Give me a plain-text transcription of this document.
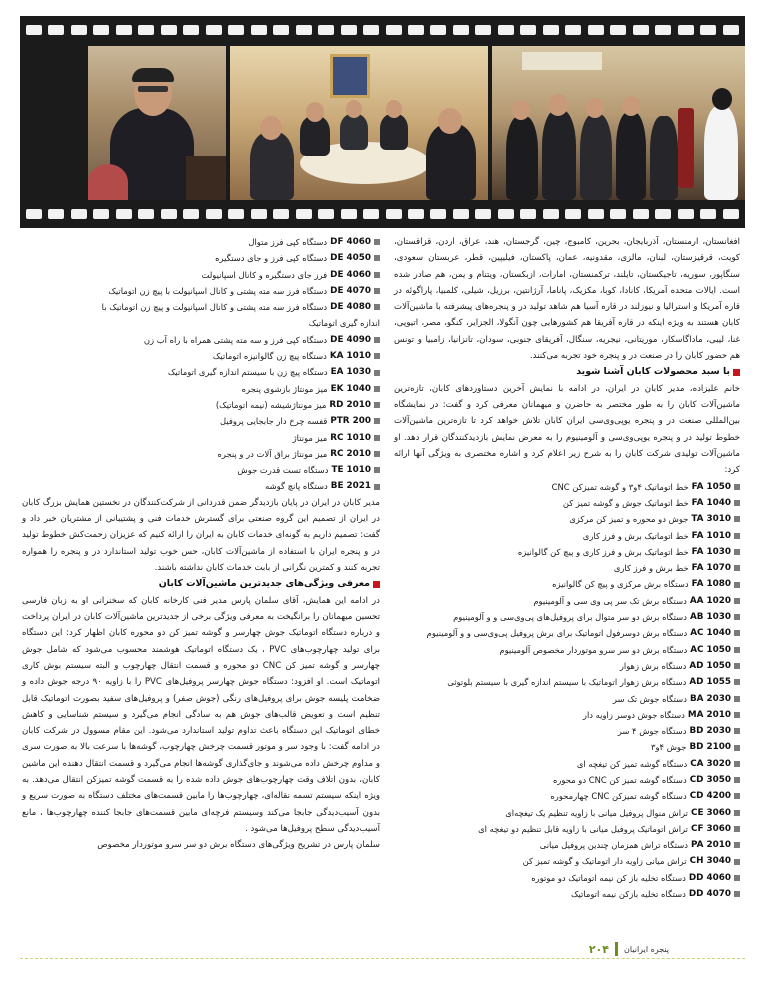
افغانستان، ارمنستان، آذربایجان، بحرین، کامبوج، چین، گرجستان، هند، عراق، اردن، قزاقستان، کویت، قرقیزستان، لبنان، مالزی، مقدونیه، عمان، پاکستان، فیلیپین، قطر، عربستان سعودی، سنگاپور، سوریه، تاجیکستان، تایلند، ترکمنستان، امارات، ازبکستان، ویتنام و یمن، هم صادر شده است. ایالات متحده آمریکا، کانادا، کوبا، مکزیک، پاناما، آرژانتین، برزیل، شیلی، کلمبیا، پاراگوئه در قاره آمریکا و استرالیا و نیوزلند در قاره آسیا هم شاهد تولید در و پنجره‌های پیشرفته با ماشین‌آلات کابان هستند به ویژه اینکه در قاره آفریقا هم کشورهایی چون آنگولا، الجزایر، کنگو، مصر، اتیوپی، غنا، لیبی، ماداگاسکار، موریتانی، نیجریه، سنگال، آفریقای جنوبی، سودان، تانزانیا، زامبیا و تونس هم حضور کابان را در صنعت در و پنجره خود تجربه می‌کنند.

با سبد محصولات کابان آشنا شوید

خانم علیزاده، مدیر کابان در ایران، در ادامه با نمایش آخرین دستاوردهای کابان، تازه‌ترین ماشین‌آلات کابان را به طور مختصر به حاضرن و میهمانان معرفی کرد و گفت: در نمایشگاه بین‌المللی صنعت در و پنجره یوپی‌وی‌سی ایران کابان تلاش خواهد کرد تا تازه‌ترین ماشین‌آلات خطوط تولید در و پنجره یوپی‌وی‌سی و آلومینیوم را به معرض نمایش بازدیدکنندگان قرار دهد. او ماشین‌آلات تولیدی شرکت کابان را به شرح زیر اعلام کرد و اشاره مختصری به ویژگی آنها ارائه کرد:

FA 1050
خط اتوماتیک ۴و۳ و گوشه تمیزکن CNC
FA 1040
خط اتوماتیک جوش و گوشه تمیز کن
TA 3010
جوش دو محوره و تمیز کن مرکزی
FA 1010
خط اتوماتیک برش و فرز کاری
FA 1030
خط اتوماتیک برش و فرز کاری و پیچ کن گالوانیزه
FA 1070
خط برش و فرز کاری
FA 1080
دستگاه برش مرکزی و پیچ کن گالوانیزه
AA 1020
دستگاه برش تک سر پی وی سی و آلومینیوم
AB 1030
دستگاه برش دو سر متوال برای پروفیل‌های پی‌وی‌سی و و آلومینیوم
AC 1040
دستگاه برش دوسرفول اتوماتیک برای برش پروفیل پی‌وی‌سی و و آلومینیوم
AC 1050
دستگاه برش دو سر سرو موتوردار مخصوص آلومینیوم
AD 1050
دستگاه برش زهوار
AD 1055
دستگاه برش زهوار اتوماتیک با سیستم اندازه گیری با سیستم بلوتوثی
BA 2030
دستگاه جوش تک سر
MA 2010
دستگاه جوش دوسر زاویه دار
BD 2030
دستگاه جوش ۴ سر
BD 2100
جوش ۴و۳
CA 3020
دستگاه گوشه تمیز کن تیغچه ای
CD 3050
دستگاه گوشه تمیز کن CNC دو محوره
CD 4200
دستگاه گوشه تمیزکن CNC چهارمحوره
CE 3060
تراش منوال پروفیل میانی با زاویه تنظیم یک تیغچه‌ای
CF 3060
تراش اتوماتیک پروفیل میانی با زاویه قابل تنظیم دو تیغچه ای
PA 2010
دستگاه تراش همزمان چندین پروفیل میانی
CH 3040
تراش میانی زاویه دار اتوماتیک و گوشه تمیز کن
DD 4060
دستگاه تخلیه باز کن نیمه اتوماتیک دو موتوره
DD 4070
دستگاه تخلیه بازکن نیمه اتوماتیک
DF 4060
دستگاه کپی فرز متوال
DE 4050
دستگاه کپی فرز و جای دستگیره
DE 4060
فرز جای دستگیره و کانال اسپانیولت
DE 4070
دستگاه فرز سه مته پشتی و کانال اسپانیولت با پیچ زن اتوماتیک
DE 4080
دستگاه فرز سه مته پشتی و کانال اسپانیولت و پیچ زن اتوماتیک با
اندازه گیری اتوماتیک
DE 4090
دستگاه کپی فرز و سه مته پشتی همراه با راه آب زن
KA 1010
دستگاه پیچ زن گالوانیزه اتوماتیک
EA 1030
دستگاه پیچ زن با سیستم اندازه گیری اتوماتیک
EK 1040
میز مونتاژ بازشوی پنجره
RD 2010
میز مونتاژشیشه (نیمه اتوماتیک)
PTR 200
قفسه چرخ دار جابجایی پروفیل
RC 1010
میز مونتاژ
RC 2010
میز مونتاژ براق آلات در و پنجره
TE 1010
دستگاه تست قدرت جوش
BE 2021
دستگاه پانچ گوشه

مدیر کابان در ایران در پایان بازدیدگر ضمن قدردانی از شرکت‌کنندگان در نخستین همایش بزرگ کابان در ایران از تصمیم این گروه صنعتی برای گسترش خدمات فنی و پشتیبانی از مشتریان خبر داد و گفت: تصمیم داریم به گونه‌ای خدمات کابان به ایران را ارائه کنیم که عزیزان زحمت‌کش خطوط تولید در و پنجره ایران با استفاده از ماشین‌آلات کابان، حس خوب تولید استاندارد در و پنجره را همواره تجربه کنند و کمترین نگرانی از بابت خدمات کابان نداشته باشند.

معرفی ویژگی‌های جدیدترین ماشین‌آلات کابان

در ادامه این همایش، آقای سلمان پارس مدیر فنی کارخانه کابان که سخنرانی او به زبان فارسی تحسین میهمانان را برانگیخت به معرفی ویژگی برخی از جدیدترین ماشین‌آلات کابان در ایران پرداخت و درباره دستگاه اتوماتیک جوش چهارسر و گوشه تمیز کن دو محوره کابان اظهار کرد: این دستگاه برای تولید چهارچوب‌های PVC ، یک دستگاه اتوماتیک هوشمند محسوب می‌شود که شامل جوش چهارسر و گوشه تمیز کن CNC دو محوره و قسمت انتقال چهارچوب و البته سیستم بوش کاری اتوماتیک است. او افزود: دستگاه جوش چهارسر پروفیل‌های PVC را با زاویه ۹۰ درجه جوش داده و ضخامت پلیسه جوش برای پروفیل‌های رنگی (جوش صفر) و پروفیل‌های سفید بصورت اتوماتیک قابل تنظیم است و تعویض قالب‌های جوش هم به سادگی انجام می‌گیرد و سیستم شناسایی و کاهش خطای اتوماتیک این دستگاه باعث تداوم تولید استاندارد می‌شود. این مقام مسوول در شرکت کابان در ادامه گفت: با وجود سر و موتور قسمت چرخش چهارچوب، گوشه‌ها با سرعت بالا به صورت سری و مداوم چرخش داده می‌شوند و جای‌گذاری گوشه‌ها انجام می‌گیرد و قسمت انتقال دهنده این ماشین کابان، بدون اتلاف وقت چهارچوب‌های جوش داده شده را به قسمت گوشه تمیزکن انتقال می‌دهد. به ویژه اینکه سیستم تسمه نقاله‌ای، چهارچوب‌ها را مابین قسمت‌های مختلف دستگاه به صورت سریع و بدون آسیب‌دیدگی جابجا می‌کند وسیستم فرچه‌ای مابین قسمت‌های جابجا کننده چهارچوب‌ها ، مانع آسیب‌دیدگی سطح پروفیل‌ها می‌شود .

سلمان پارس در تشریح ویژگی‌های دستگاه برش دو سر سرو موتوردار مخصوص

پنجره ایرانیان
۲۰۴
